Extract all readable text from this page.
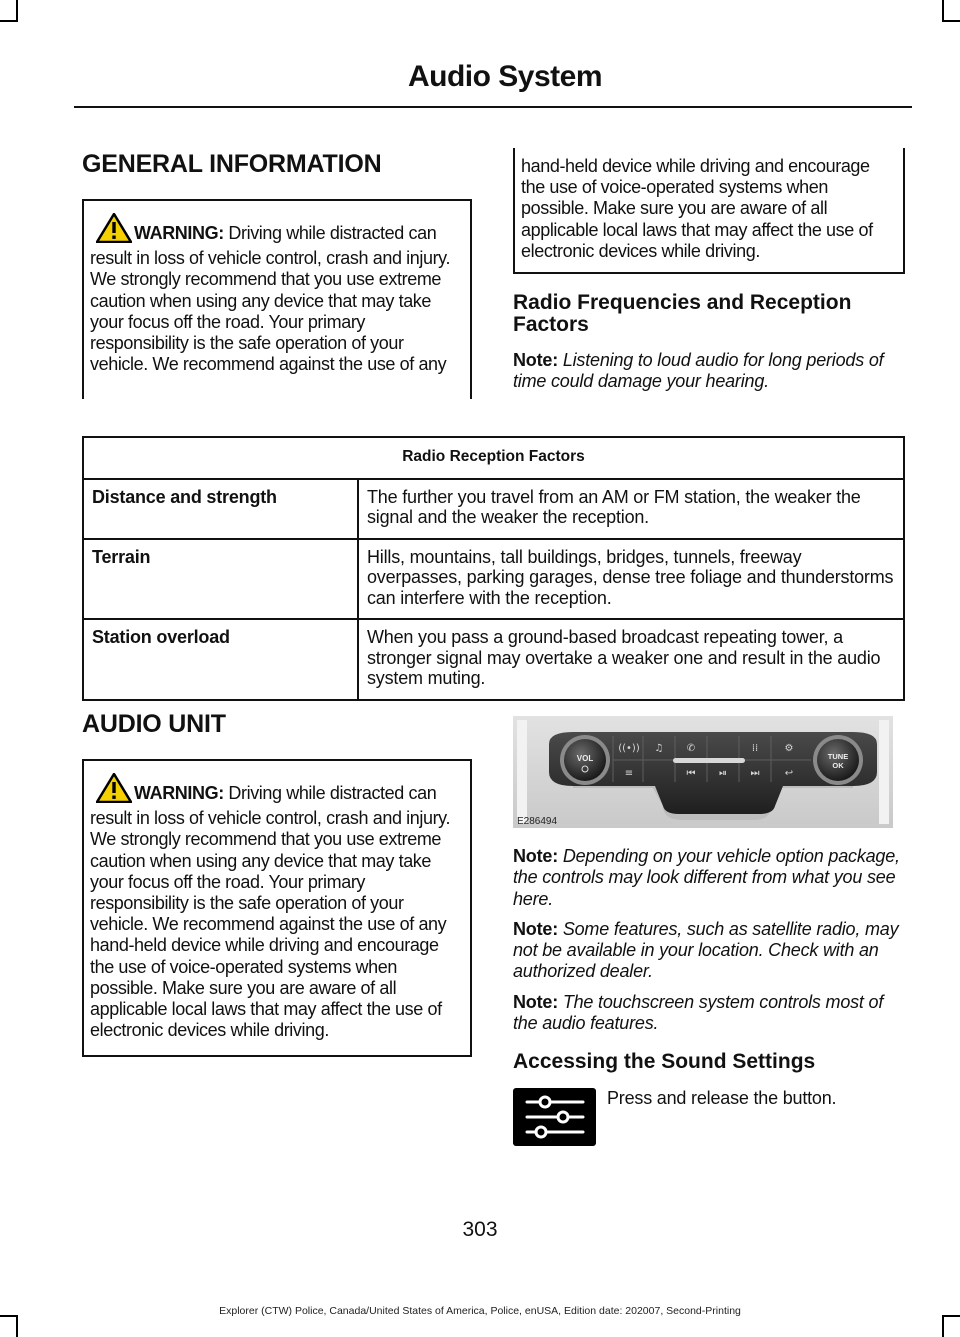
Audio System
GENERAL INFORMATION
WARNING: Driving while distracted can result in loss of vehicle control, crash and injury. We strongly recommend that you use extreme caution when using any device that may take your focus off the road. Your primary responsibility is the safe operation of your vehicle. We recommend against the use of any
hand-held device while driving and encourage the use of voice-operated systems when possible. Make sure you are aware of all applicable local laws that may affect the use of electronic devices while driving.
Radio Frequencies and Reception Factors

Note: Listening to loud audio for long periods of time could damage your hearing.

Radio Reception Factors	
Distance and strength	The further you travel from an AM or FM station, the weaker the signal and the weaker the reception.
Terrain	Hills, mountains, tall buildings, bridges, tunnels, freeway overpasses, parking garages, dense tree foliage and thunderstorms can interfere with the reception.
Station overload	When you pass a ground-based broadcast repeating tower, a stronger signal may overtake a weaker one and result in the audio system muting.
AUDIO UNIT
WARNING: Driving while distracted can result in loss of vehicle control, crash and injury. We strongly recommend that you use extreme caution when using any device that may take your focus off the road. Your primary responsibility is the safe operation of your vehicle. We recommend against the use of any hand-held device while driving and encourage the use of voice-operated systems when possible. Make sure you are aware of all applicable local laws that may affect the use of electronic devices while driving.
VOL	TUNE
OK
((•)) ♫ ✆	⁞⁞	⚙
≡	⏮ ⏯ ⏭	↩
E286494

Note: Depending on your vehicle option package, the controls may look different from what you see here.

Note: Some features, such as satellite radio, may not be available in your location. Check with an authorized dealer.

Note: The touchscreen system controls most of the audio features.

Accessing the Sound Settings

Press and release the button.

303
Explorer (CTW) Police, Canada/United States of America, Police, enUSA, Edition date: 202007, Second-Printing
